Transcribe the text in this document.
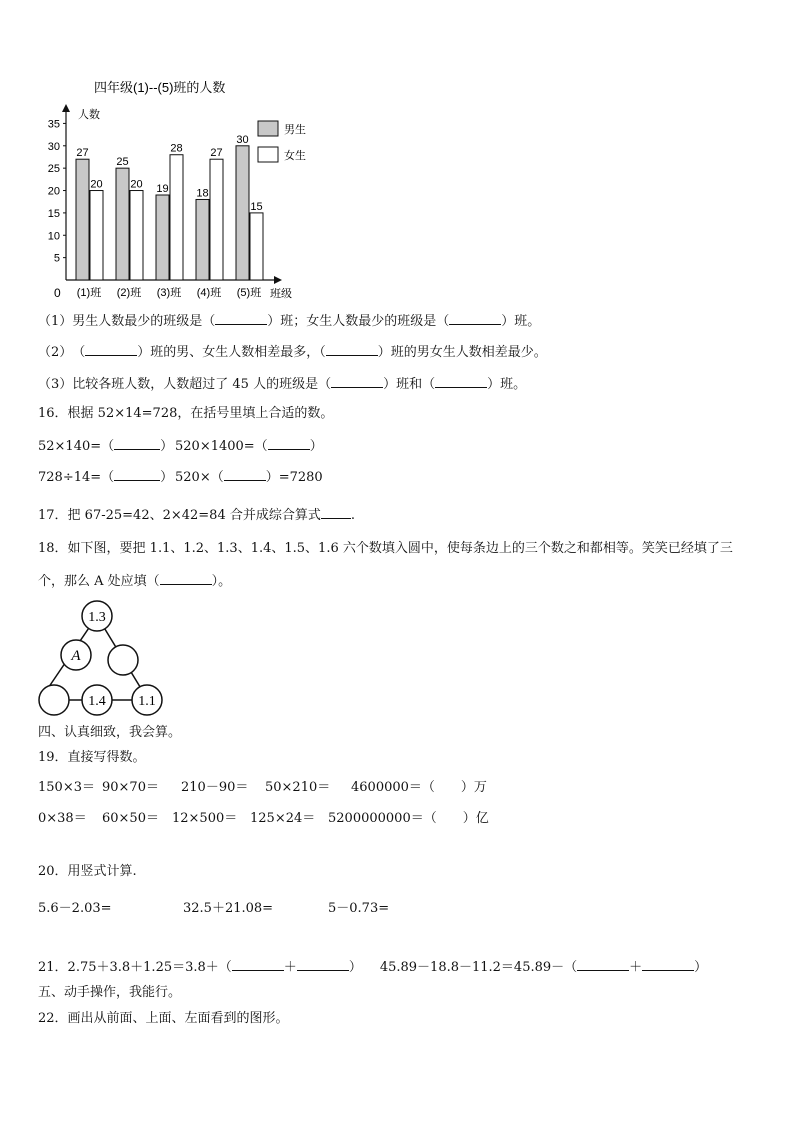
四年级(1)--(5)班的人数
人数
班级
0
5
10
15
20
25
30
35
27
20
25
20 19
28
18
27
30
15
(1)班 (2)班 (3)班 (4)班 (5)班
男生
女生
（1）男生人数最少的班级是（	）班；女生人数最少的班级是（	）班。
（2）　（	）班的男、女生人数相差最多，（	）班的男女生人数相差最少。
（3）比较各班人数，人数超过了 45 人的班级是（	）班和（	）班。
16．根据 52×14=728，在括号里填上合适的数。
52×140=（	） 520×1400=（	）
728÷14=（	） 520×（	）=7280
17．把 67-25=42、2×42=84 合并成综合算式 .
18．如下图，要把 1.1、1.2、1.3、1.4、1.5、1.6 六个数填入圆中，使每条边上的三个数之和都相等。笑笑已经填了三
个，那么 A 处应填（	）。
1.3
A
1.4 1.1
四、认真细致，我会算。
19．直接写得数。
150×3＝ 90×70＝ 210－90＝ 50×210＝ 4600000＝（　　）万
0×38＝ 60×50＝ 12×500＝ 125×24＝ 5200000000＝（　　）亿
20．用竖式计算.
5.6－2.03=	32.5＋21.08=	5－0.73=
21．2.75＋3.8＋1.25＝3.8＋（	＋	） 45.89－18.8－11.2＝45.89－（	＋	）
五、动手操作，我能行。
22．画出从前面、上面、左面看到的图形。
